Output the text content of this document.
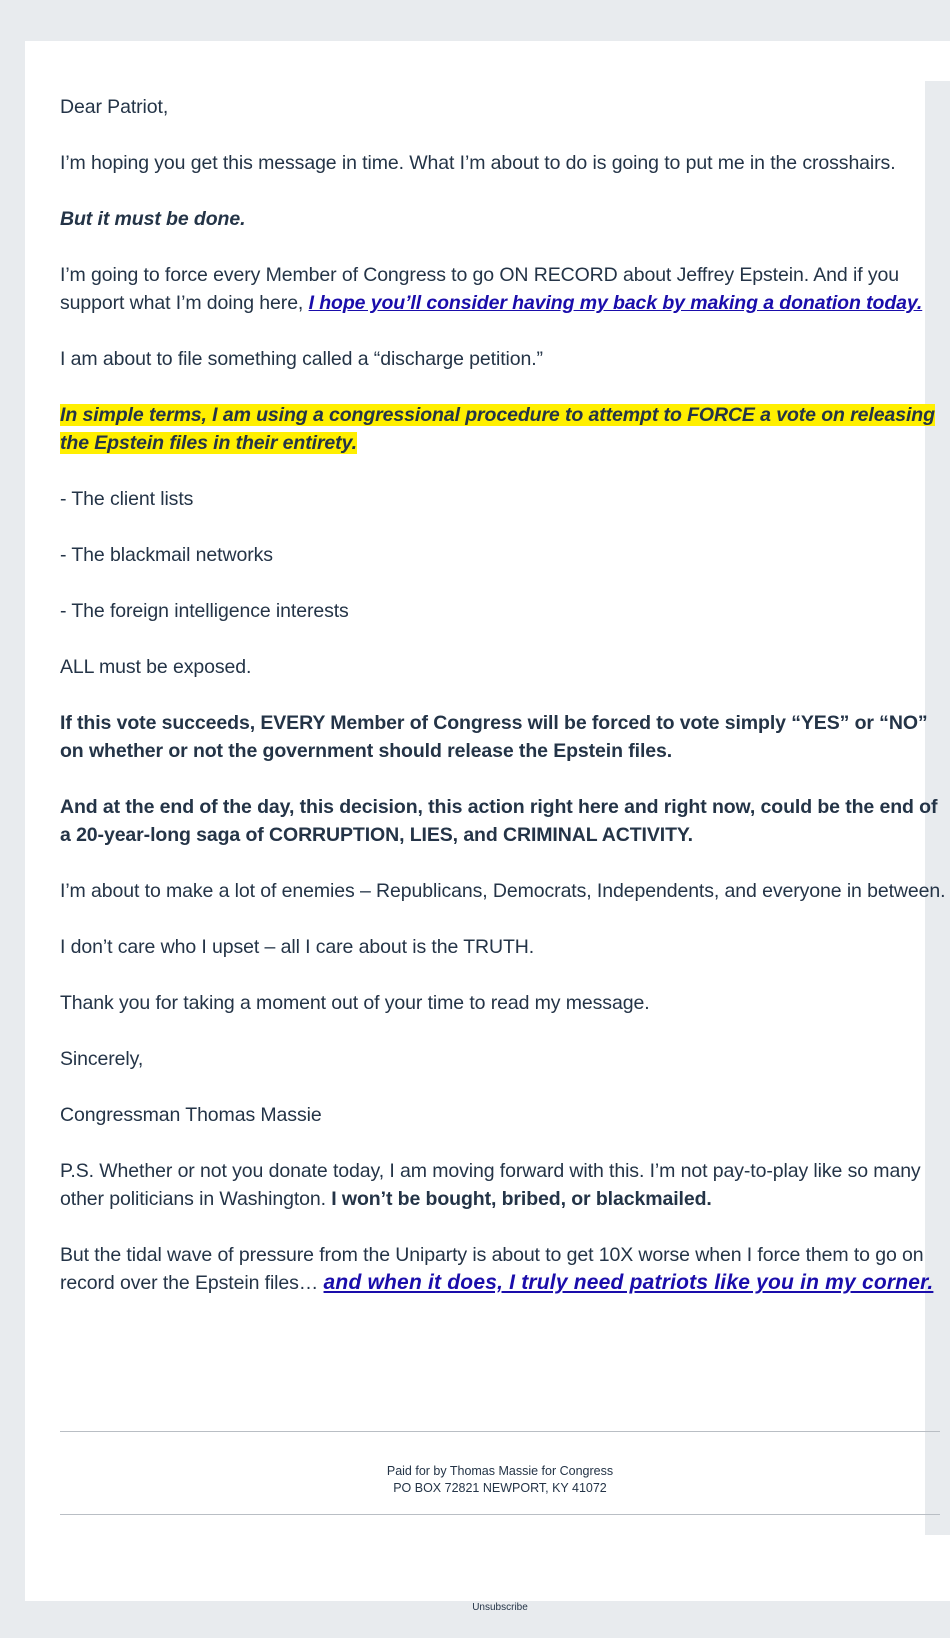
Dear Patriot,

I’m hoping you get this message in time. What I’m about to do is going to put me in the crosshairs.

But it must be done.

I’m going to force every Member of Congress to go ON RECORD about Jeffrey Epstein. And if you support what I’m doing here, I hope you’ll consider having my back by making a donation today.

I am about to file something called a “discharge petition.”

In simple terms, I am using a congressional procedure to attempt to FORCE a vote on releasing the Epstein files in their entirety.

- The client lists

- The blackmail networks

- The foreign intelligence interests

ALL must be exposed.

If this vote succeeds, EVERY Member of Congress will be forced to vote simply “YES” or “NO” on whether or not the government should release the Epstein files.

And at the end of the day, this decision, this action right here and right now, could be the end of a 20-year-long saga of CORRUPTION, LIES, and CRIMINAL ACTIVITY.

I’m about to make a lot of enemies – Republicans, Democrats, Independents, and everyone in between.

I don’t care who I upset – all I care about is the TRUTH.

Thank you for taking a moment out of your time to read my message.

Sincerely,

Congressman Thomas Massie

P.S. Whether or not you donate today, I am moving forward with this. I’m not pay-to-play like so many other politicians in Washington. I won’t be bought, bribed, or blackmailed.

But the tidal wave of pressure from the Uniparty is about to get 10X worse when I force them to go on record over the Epstein files… and when it does, I truly need patriots like you in my corner.

Paid for by Thomas Massie for Congress
PO BOX 72821 NEWPORT, KY 41072
Unsubscribe
